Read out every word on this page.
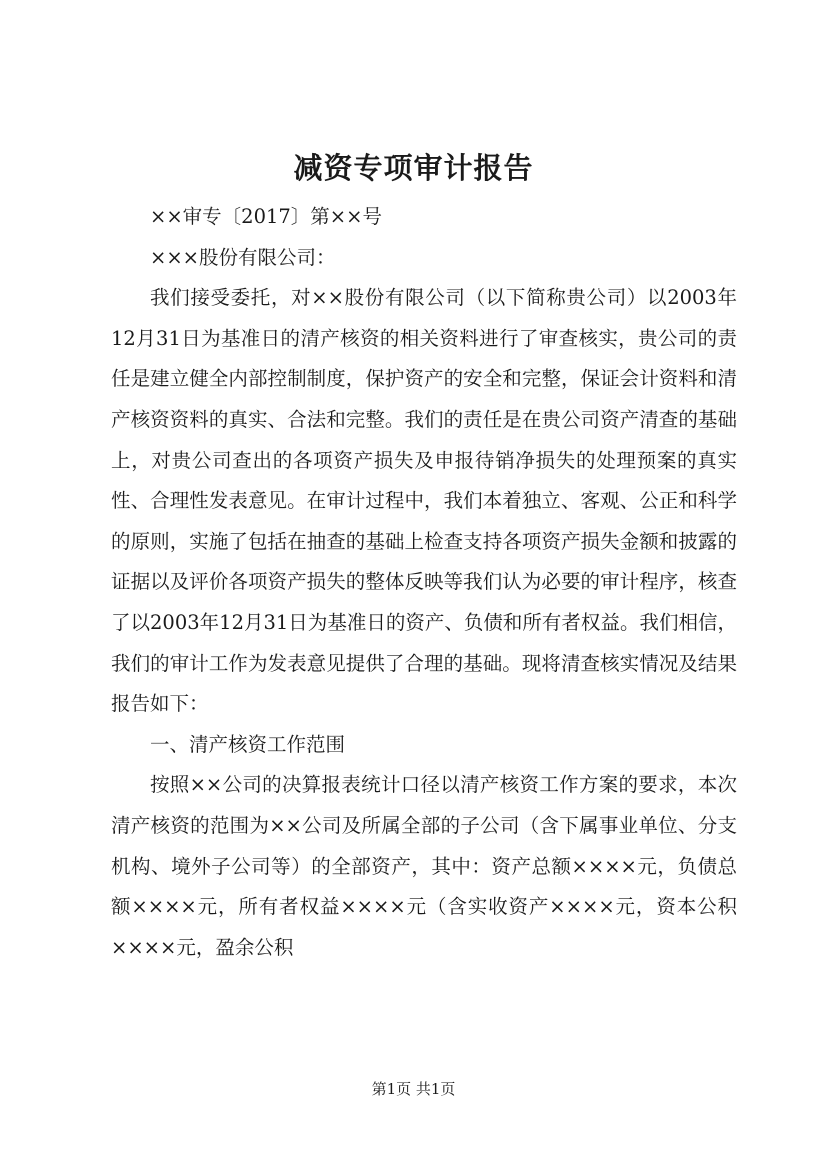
减资专项审计报告

××审专〔2017〕第××号

×××股份有限公司：

我们接受委托，对××股份有限公司（以下简称贵公司）以2003年12月31日为基准日的清产核资的相关资料进行了审查核实，贵公司的责任是建立健全内部控制制度，保护资产的安全和完整，保证会计资料和清产核资资料的真实、合法和完整。我们的责任是在贵公司资产清查的基础上，对贵公司查出的各项资产损失及申报待销净损失的处理预案的真实性、合理性发表意见。在审计过程中，我们本着独立、客观、公正和科学的原则，实施了包括在抽查的基础上检查支持各项资产损失金额和披露的证据以及评价各项资产损失的整体反映等我们认为必要的审计程序，核查了以2003年12月31日为基准日的资产、负债和所有者权益。我们相信，我们的审计工作为发表意见提供了合理的基础。现将清查核实情况及结果报告如下：

一、清产核资工作范围

按照××公司的决算报表统计口径以清产核资工作方案的要求，本次清产核资的范围为××公司及所属全部的子公司（含下属事业单位、分支机构、境外子公司等）的全部资产，其中：资产总额××××元，负债总额××××元，所有者权益××××元（含实收资产××××元，资本公积××××元，盈余公积

第1页 共1页
